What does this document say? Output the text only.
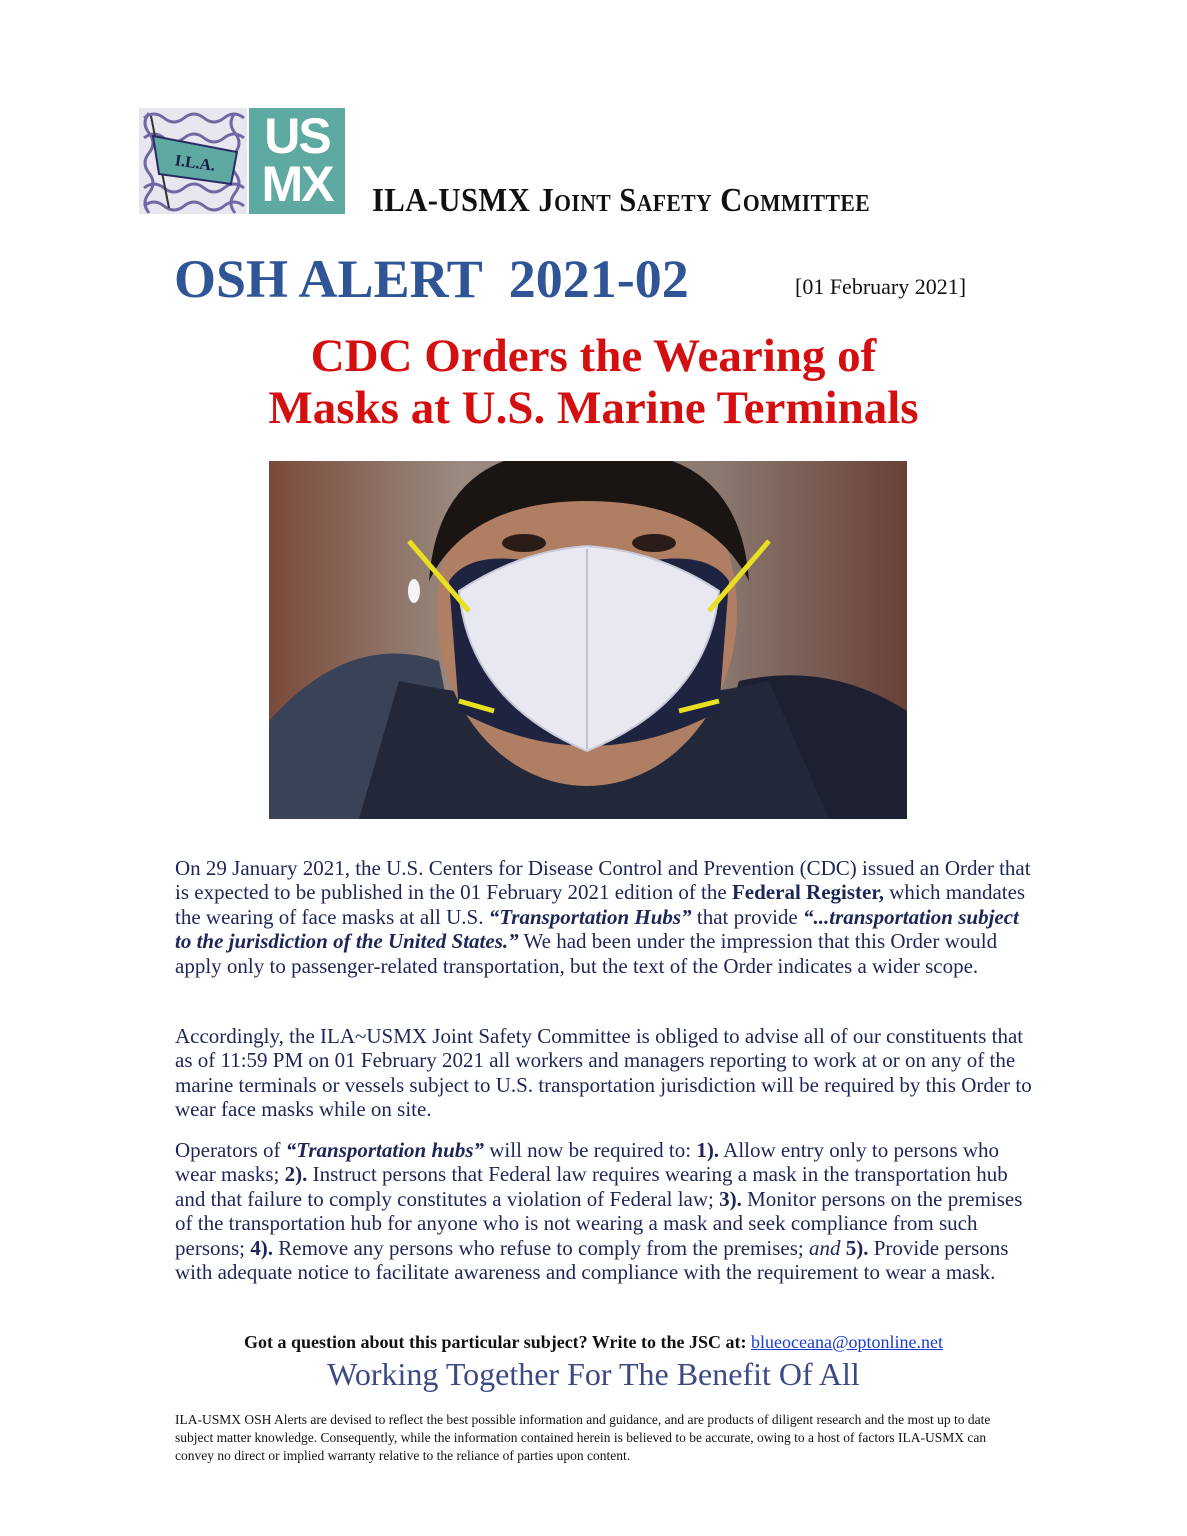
I.L.A. US
MX	ILA-USMX Joint Safety Committee
OSH ALERT 2021-02	[01 February 2021]
CDC Orders the Wearing of
Masks at U.S. Marine Terminals
On 29 January 2021, the U.S. Centers for Disease Control and Prevention (CDC) issued an Order that is expected to be published in the 01 February 2021 edition of the Federal Register, which mandates the wearing of face masks at all U.S. “Transportation Hubs” that provide “...transportation subject to the jurisdiction of the United States.” We had been under the impression that this Order would apply only to passenger-related transportation, but the text of the Order indicates a wider scope.
Accordingly, the ILA~USMX Joint Safety Committee is obliged to advise all of our constituents that as of 11:59 PM on 01 February 2021 all workers and managers reporting to work at or on any of the marine terminals or vessels subject to U.S. transportation jurisdiction will be required by this Order to wear face masks while on site.
Operators of “Transportation hubs” will now be required to: 1). Allow entry only to persons who wear masks; 2). Instruct persons that Federal law requires wearing a mask in the transportation hub and that failure to comply constitutes a violation of Federal law; 3). Monitor persons on the premises of the transportation hub for anyone who is not wearing a mask and seek compliance from such persons; 4). Remove any persons who refuse to comply from the premises; and 5). Provide persons with adequate notice to facilitate awareness and compliance with the requirement to wear a mask.
Got a question about this particular subject? Write to the JSC at: blueoceana@optonline.net
Working Together For The Benefit Of All
ILA-USMX OSH Alerts are devised to reflect the best possible information and guidance, and are products of diligent research and the most up to date subject matter knowledge. Consequently, while the information contained herein is believed to be accurate, owing to a host of factors ILA-USMX can convey no direct or implied warranty relative to the reliance of parties upon content.
